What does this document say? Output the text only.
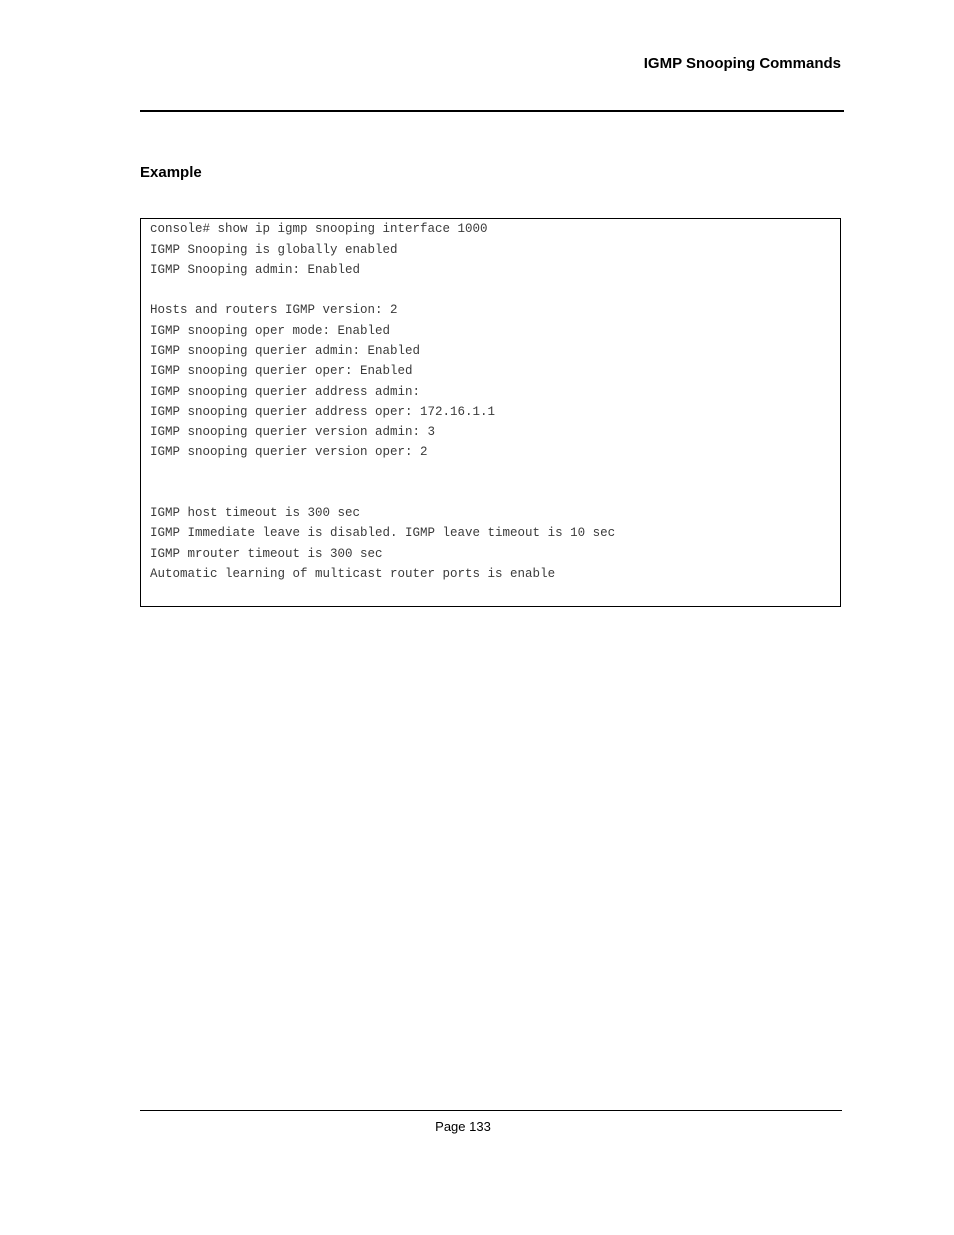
IGMP Snooping Commands
Example
console# show ip igmp snooping interface 1000
IGMP Snooping is globally enabled
IGMP Snooping admin: Enabled
Hosts and routers IGMP version: 2
IGMP snooping oper mode: Enabled
IGMP snooping querier admin: Enabled
IGMP snooping querier oper: Enabled
IGMP snooping querier address admin:
IGMP snooping querier address oper: 172.16.1.1
IGMP snooping querier version admin: 3
IGMP snooping querier version oper: 2
IGMP host timeout is 300 sec
IGMP Immediate leave is disabled. IGMP leave timeout is 10 sec
IGMP mrouter timeout is 300 sec
Automatic learning of multicast router ports is enable
Page 133
